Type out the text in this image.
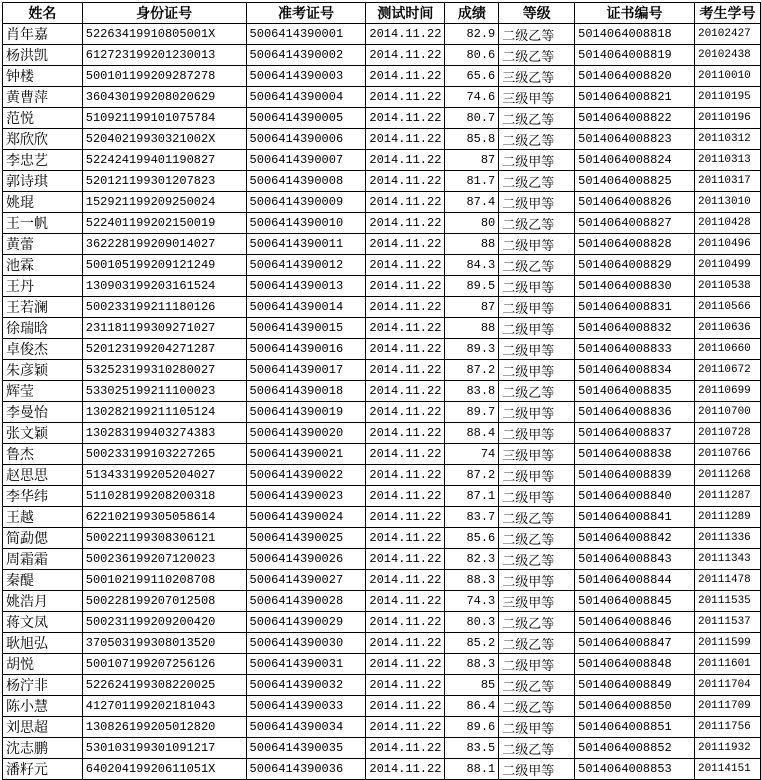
姓名	身份证号	准考证号	测试时间	成绩	等级	证书编号	考生学号
肖年嘉	52263419910805001X	5006414390001	2014.11.22	82.9	二级乙等	5014064008818	20102427
杨洪凯	612723199201230013	5006414390002	2014.11.22	80.6	二级乙等	5014064008819	20102438
钟楼	500101199209287278	5006414390003	2014.11.22	65.6	三级乙等	5014064008820	20110010
黄曹萍	360430199208020629	5006414390004	2014.11.22	74.6	三级甲等	5014064008821	20110195
范悦	510921199101075784	5006414390005	2014.11.22	80.7	二级乙等	5014064008822	20110196
郑欣欣	52040219930321002X	5006414390006	2014.11.22	85.8	二级乙等	5014064008823	20110312
李忠艺	522424199401190827	5006414390007	2014.11.22	87	二级甲等	5014064008824	20110313
郭诗琪	520121199301207823	5006414390008	2014.11.22	81.7	二级乙等	5014064008825	20110317
姚琨	152921199209250024	5006414390009	2014.11.22	87.4	二级甲等	5014064008826	20113010
王一帆	522401199202150019	5006414390010	2014.11.22	80	二级乙等	5014064008827	20110428
黄蕾	362228199209014027	5006414390011	2014.11.22	88	二级甲等	5014064008828	20110496
池霖	500105199209121249	5006414390012	2014.11.22	84.3	二级乙等	5014064008829	20110499
王丹	130903199203161524	5006414390013	2014.11.22	89.5	二级甲等	5014064008830	20110538
王若澜	500233199211180126	5006414390014	2014.11.22	87	二级甲等	5014064008831	20110566
徐瑞晗	231181199309271027	5006414390015	2014.11.22	88	二级甲等	5014064008832	20110636
卓俊杰	520123199204271287	5006414390016	2014.11.22	89.3	二级甲等	5014064008833	20110660
朱彦颖	532523199310280027	5006414390017	2014.11.22	87.2	二级甲等	5014064008834	20110672
辉莹	533025199211100023	5006414390018	2014.11.22	83.8	二级乙等	5014064008835	20110699
李曼怡	130282199211105124	5006414390019	2014.11.22	89.7	二级甲等	5014064008836	20110700
张文颖	130283199403274383	5006414390020	2014.11.22	88.4	二级甲等	5014064008837	20110728
鲁杰	500233199103227265	5006414390021	2014.11.22	74	三级甲等	5014064008838	20110766
赵思思	513433199205204027	5006414390022	2014.11.22	87.2	二级甲等	5014064008839	20111268
李华纬	511028199208200318	5006414390023	2014.11.22	87.1	二级甲等	5014064008840	20111287
王越	622102199305058614	5006414390024	2014.11.22	83.7	二级乙等	5014064008841	20111289
简勐偲	500221199308306121	5006414390025	2014.11.22	85.6	二级乙等	5014064008842	20111336
周霜霜	500236199207120023	5006414390026	2014.11.22	82.3	二级乙等	5014064008843	20111343
秦醍	500102199110208708	5006414390027	2014.11.22	88.3	二级甲等	5014064008844	20111478
姚浩月	500228199207012508	5006414390028	2014.11.22	74.3	三级甲等	5014064008845	20111535
蒋文凤	500231199209200420	5006414390029	2014.11.22	80.3	二级乙等	5014064008846	20111537
耿旭弘	370503199308013520	5006414390030	2014.11.22	85.2	二级乙等	5014064008847	20111599
胡悦	500107199207256126	5006414390031	2014.11.22	88.3	二级甲等	5014064008848	20111601
杨泞非	522624199308220025	5006414390032	2014.11.22	85	二级乙等	5014064008849	20111704
陈小慧	412701199202181043	5006414390033	2014.11.22	86.4	二级乙等	5014064008850	20111709
刘思超	130826199205012820	5006414390034	2014.11.22	89.6	二级甲等	5014064008851	20111756
沈志鹏	530103199301091217	5006414390035	2014.11.22	83.5	二级乙等	5014064008852	20111932
潘籽元	64020419920611051X	5006414390036	2014.11.22	88.1	二级甲等	5014064008853	20114151
